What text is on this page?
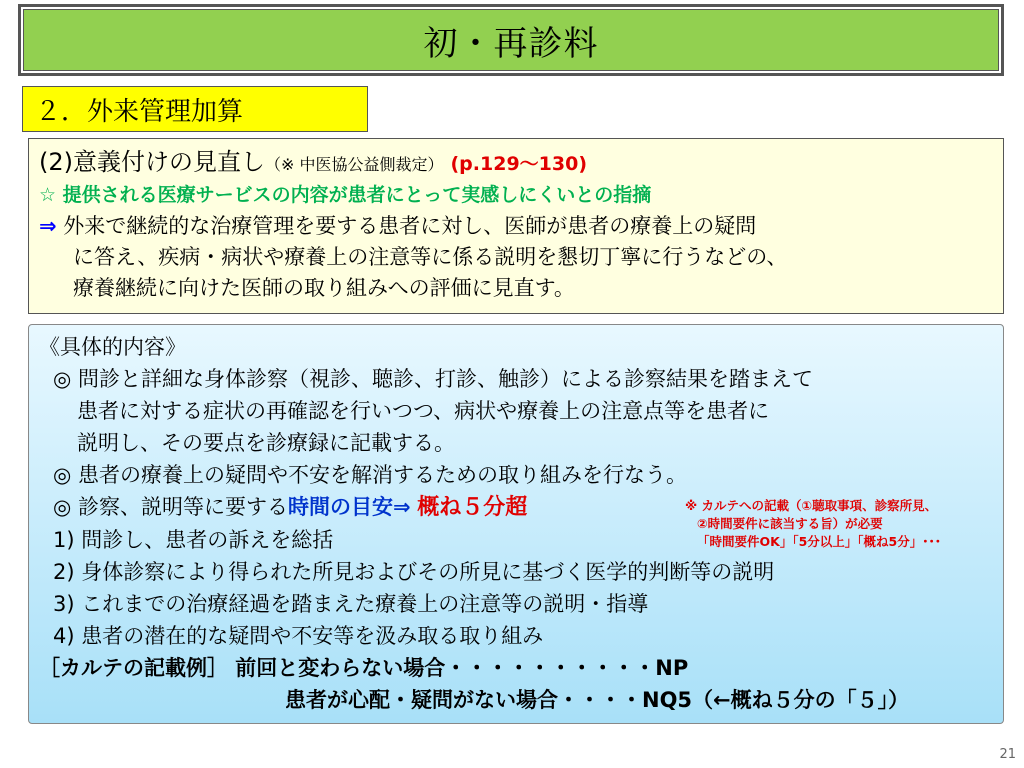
初・再診料
２．外来管理加算
(2)意義付けの見直し（※ 中医協公益側裁定） (p.129～130)
☆ 提供される医療サービスの内容が患者にとって実感しにくいとの指摘
⇒ 外来で継続的な治療管理を要する患者に対し、医師が患者の療養上の疑問
に答え、疾病・病状や療養上の注意等に係る説明を懇切丁寧に行うなどの、
療養継続に向けた医師の取り組みへの評価に見直す。
《具体的内容》
◎ 問診と詳細な身体診察（視診、聴診、打診、触診）による診察結果を踏まえて
患者に対する症状の再確認を行いつつ、病状や療養上の注意点等を患者に
説明し、その要点を診療録に記載する。
◎ 患者の療養上の疑問や不安を解消するための取り組みを行なう。
◎ 診察、説明等に要する時間の目安⇒ 概ね５分超
1) 問診し、患者の訴えを総括
2) 身体診察により得られた所見およびその所見に基づく医学的判断等の説明
3) これまでの治療経過を踏まえた療養上の注意等の説明・指導
4) 患者の潜在的な疑問や不安等を汲み取る取り組み
［カルテの記載例］ 前回と変わらない場合・・・・・・・・・・NP
患者が心配・疑問がない場合・・・・NQ5（←概ね５分の「５」）
※ カルテへの記載（①聴取事項、診察所見、
②時間要件に該当する旨）が必要
「時間要件OK」「5分以上」「概ね5分」･･･
21
